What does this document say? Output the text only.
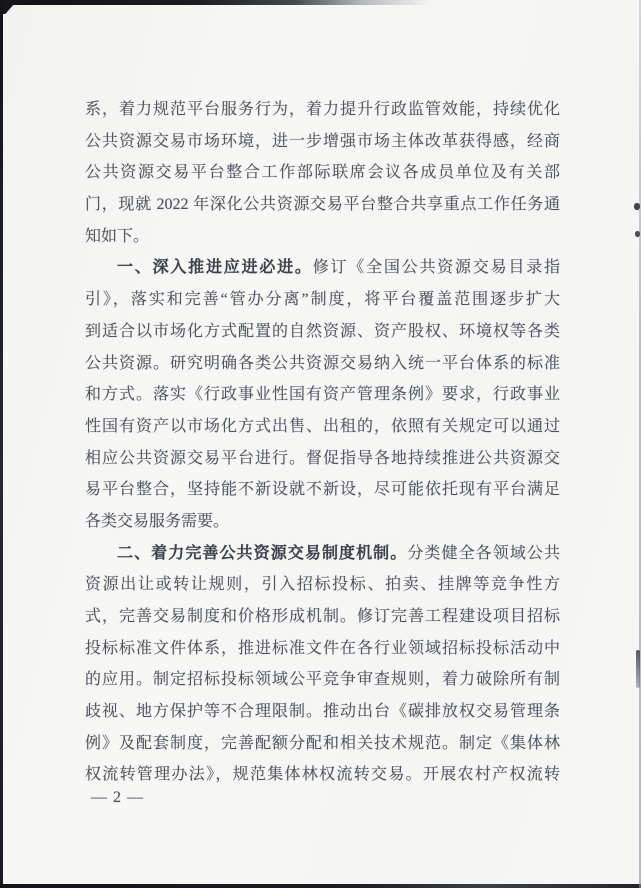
系，着力规范平台服务行为，着力提升行政监管效能，持续优化
公共资源交易市场环境，进一步增强市场主体改革获得感，经商
公共资源交易平台整合工作部际联席会议各成员单位及有关部
门，现就 2022 年深化公共资源交易平台整合共享重点工作任务通
知如下。
一、深入推进应进必进。修订《全国公共资源交易目录指
引》，落实和完善“管办分离”制度，将平台覆盖范围逐步扩大
到适合以市场化方式配置的自然资源、资产股权、环境权等各类
公共资源。研究明确各类公共资源交易纳入统一平台体系的标准
和方式。落实《行政事业性国有资产管理条例》要求，行政事业
性国有资产以市场化方式出售、出租的，依照有关规定可以通过
相应公共资源交易平台进行。督促指导各地持续推进公共资源交
易平台整合，坚持能不新设就不新设，尽可能依托现有平台满足
各类交易服务需要。
二、着力完善公共资源交易制度机制。分类健全各领域公共
资源出让或转让规则，引入招标投标、拍卖、挂牌等竞争性方
式，完善交易制度和价格形成机制。修订完善工程建设项目招标
投标标准文件体系，推进标准文件在各行业领域招标投标活动中
的应用。制定招标投标领域公平竞争审查规则，着力破除所有制
歧视、地方保护等不合理限制。推动出台《碳排放权交易管理条
例》及配套制度，完善配额分配和相关技术规范。制定《集体林
权流转管理办法》，规范集体林权流转交易。开展农村产权流转
— 2 —
